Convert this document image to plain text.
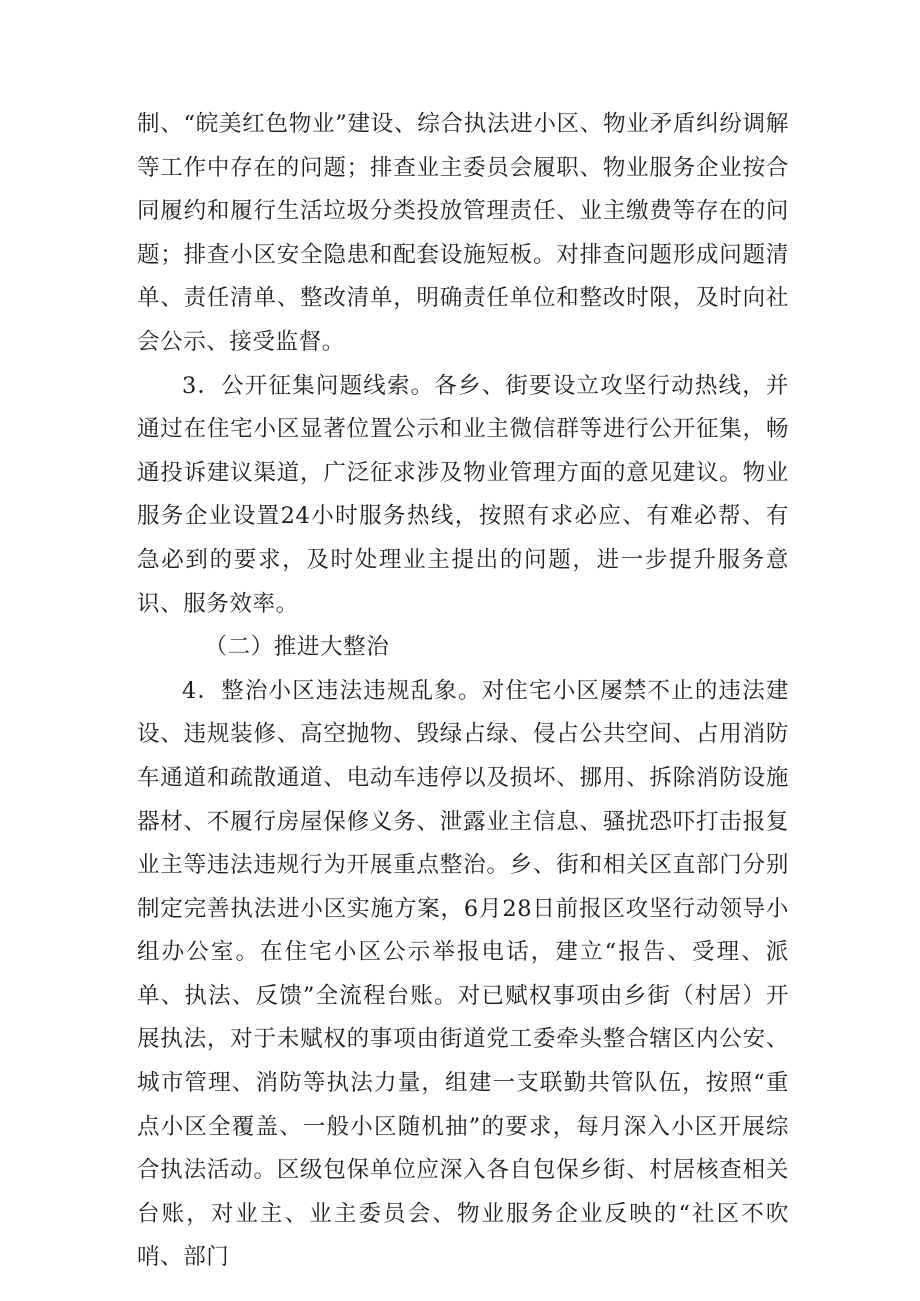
制、“皖美红色物业”建设、综合执法进小区、物业矛盾纠纷调解等工作中存在的问题；排查业主委员会履职、物业服务企业按合同履约和履行生活垃圾分类投放管理责任、业主缴费等存在的问题；排查小区安全隐患和配套设施短板。对排查问题形成问题清单、责任清单、整改清单，明确责任单位和整改时限，及时向社会公示、接受监督。

3．公开征集问题线索。各乡、街要设立攻坚行动热线，并通过在住宅小区显著位置公示和业主微信群等进行公开征集，畅通投诉建议渠道，广泛征求涉及物业管理方面的意见建议。物业服务企业设置24小时服务热线，按照有求必应、有难必帮、有急必到的要求，及时处理业主提出的问题，进一步提升服务意识、服务效率。

（二）推进大整治

4．整治小区违法违规乱象。对住宅小区屡禁不止的违法建设、违规装修、高空抛物、毁绿占绿、侵占公共空间、占用消防车通道和疏散通道、电动车违停以及损坏、挪用、拆除消防设施器材、不履行房屋保修义务、泄露业主信息、骚扰恐吓打击报复业主等违法违规行为开展重点整治。乡、街和相关区直部门分别制定完善执法进小区实施方案，6月28日前报区攻坚行动领导小组办公室。在住宅小区公示举报电话，建立“报告、受理、派单、执法、反馈”全流程台账。对已赋权事项由乡街（村居）开展执法，对于未赋权的事项由街道党工委牵头整合辖区内公安、城市管理、消防等执法力量，组建一支联勤共管队伍，按照“重点小区全覆盖、一般小区随机抽”的要求，每月深入小区开展综合执法活动。区级包保单位应深入各自包保乡街、村居核查相关台账，对业主、业主委员会、物业服务企业反映的“社区不吹哨、部门
